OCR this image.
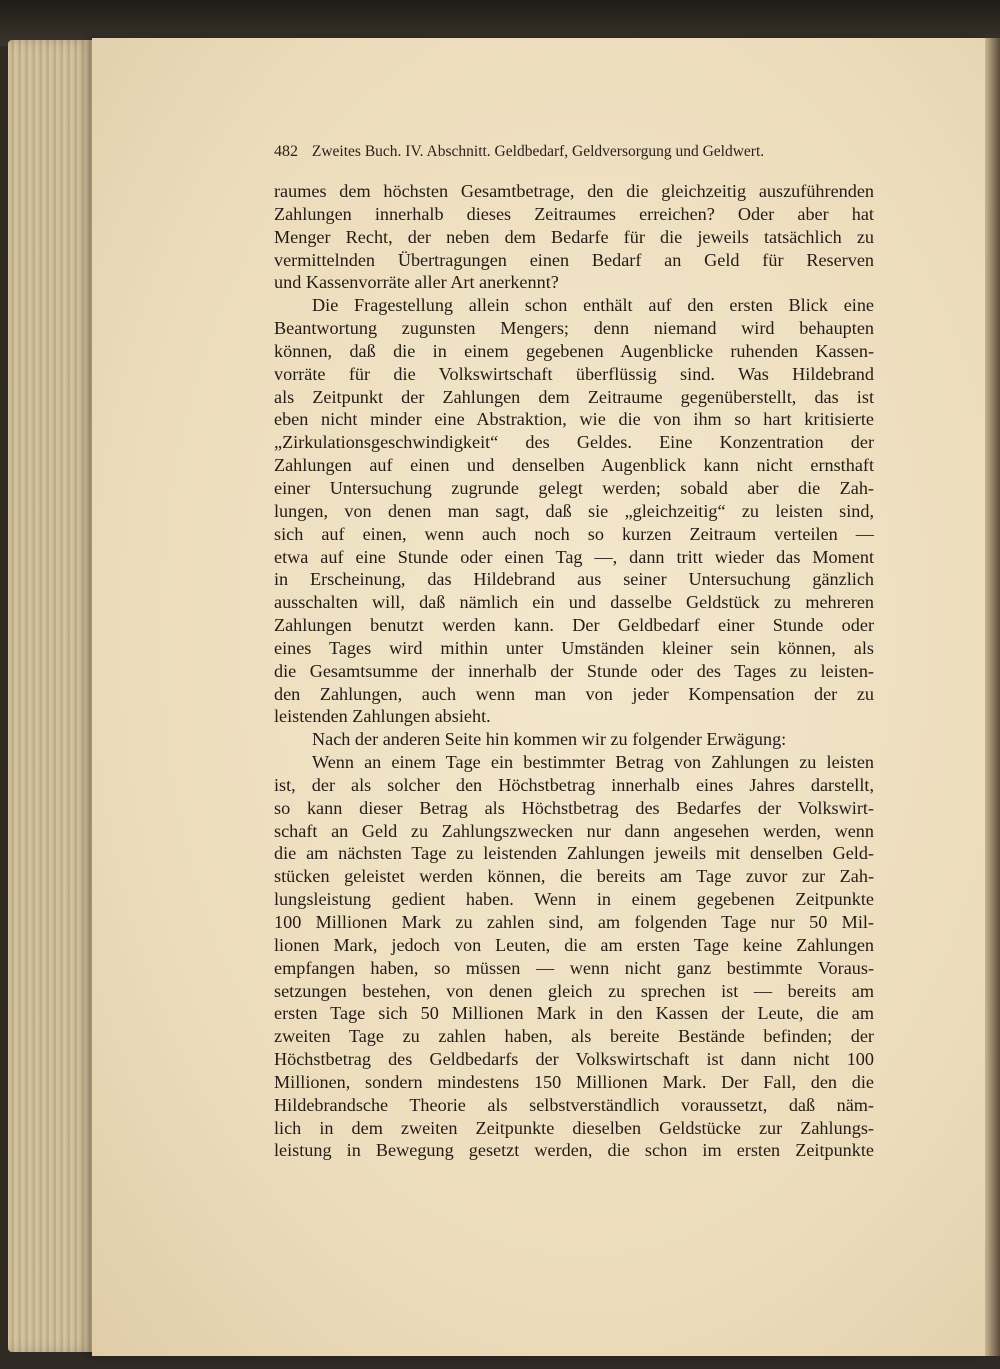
482 Zweites Buch. IV. Abschnitt. Geldbedarf, Geldversorgung und Geldwert.
raumes dem höchsten Gesamtbetrage, den die gleichzeitig auszuführenden
Zahlungen innerhalb dieses Zeitraumes erreichen? Oder aber hat
Menger Recht, der neben dem Bedarfe für die jeweils tatsächlich zu
vermittelnden Übertragungen einen Bedarf an Geld für Reserven
und Kassenvorräte aller Art anerkennt?
Die Fragestellung allein schon enthält auf den ersten Blick eine
Beantwortung zugunsten Mengers; denn niemand wird behaupten
können, daß die in einem gegebenen Augenblicke ruhenden Kassen-
vorräte für die Volkswirtschaft überflüssig sind. Was Hildebrand
als Zeitpunkt der Zahlungen dem Zeitraume gegenüberstellt, das ist
eben nicht minder eine Abstraktion, wie die von ihm so hart kritisierte
„Zirkulationsgeschwindigkeit“ des Geldes. Eine Konzentration der
Zahlungen auf einen und denselben Augenblick kann nicht ernsthaft
einer Untersuchung zugrunde gelegt werden; sobald aber die Zah-
lungen, von denen man sagt, daß sie „gleichzeitig“ zu leisten sind,
sich auf einen, wenn auch noch so kurzen Zeitraum verteilen —
etwa auf eine Stunde oder einen Tag —, dann tritt wieder das Moment
in Erscheinung, das Hildebrand aus seiner Untersuchung gänzlich
ausschalten will, daß nämlich ein und dasselbe Geldstück zu mehreren
Zahlungen benutzt werden kann. Der Geldbedarf einer Stunde oder
eines Tages wird mithin unter Umständen kleiner sein können, als
die Gesamtsumme der innerhalb der Stunde oder des Tages zu leisten-
den Zahlungen, auch wenn man von jeder Kompensation der zu
leistenden Zahlungen absieht.
Nach der anderen Seite hin kommen wir zu folgender Erwägung:
Wenn an einem Tage ein bestimmter Betrag von Zahlungen zu leisten
ist, der als solcher den Höchstbetrag innerhalb eines Jahres darstellt,
so kann dieser Betrag als Höchstbetrag des Bedarfes der Volkswirt-
schaft an Geld zu Zahlungszwecken nur dann angesehen werden, wenn
die am nächsten Tage zu leistenden Zahlungen jeweils mit denselben Geld-
stücken geleistet werden können, die bereits am Tage zuvor zur Zah-
lungsleistung gedient haben. Wenn in einem gegebenen Zeitpunkte
100 Millionen Mark zu zahlen sind, am folgenden Tage nur 50 Mil-
lionen Mark, jedoch von Leuten, die am ersten Tage keine Zahlungen
empfangen haben, so müssen — wenn nicht ganz bestimmte Voraus-
setzungen bestehen, von denen gleich zu sprechen ist — bereits am
ersten Tage sich 50 Millionen Mark in den Kassen der Leute, die am
zweiten Tage zu zahlen haben, als bereite Bestände befinden; der
Höchstbetrag des Geldbedarfs der Volkswirtschaft ist dann nicht 100
Millionen, sondern mindestens 150 Millionen Mark. Der Fall, den die
Hildebrandsche Theorie als selbstverständlich voraussetzt, daß näm-
lich in dem zweiten Zeitpunkte dieselben Geldstücke zur Zahlungs-
leistung in Bewegung gesetzt werden, die schon im ersten Zeitpunkte
